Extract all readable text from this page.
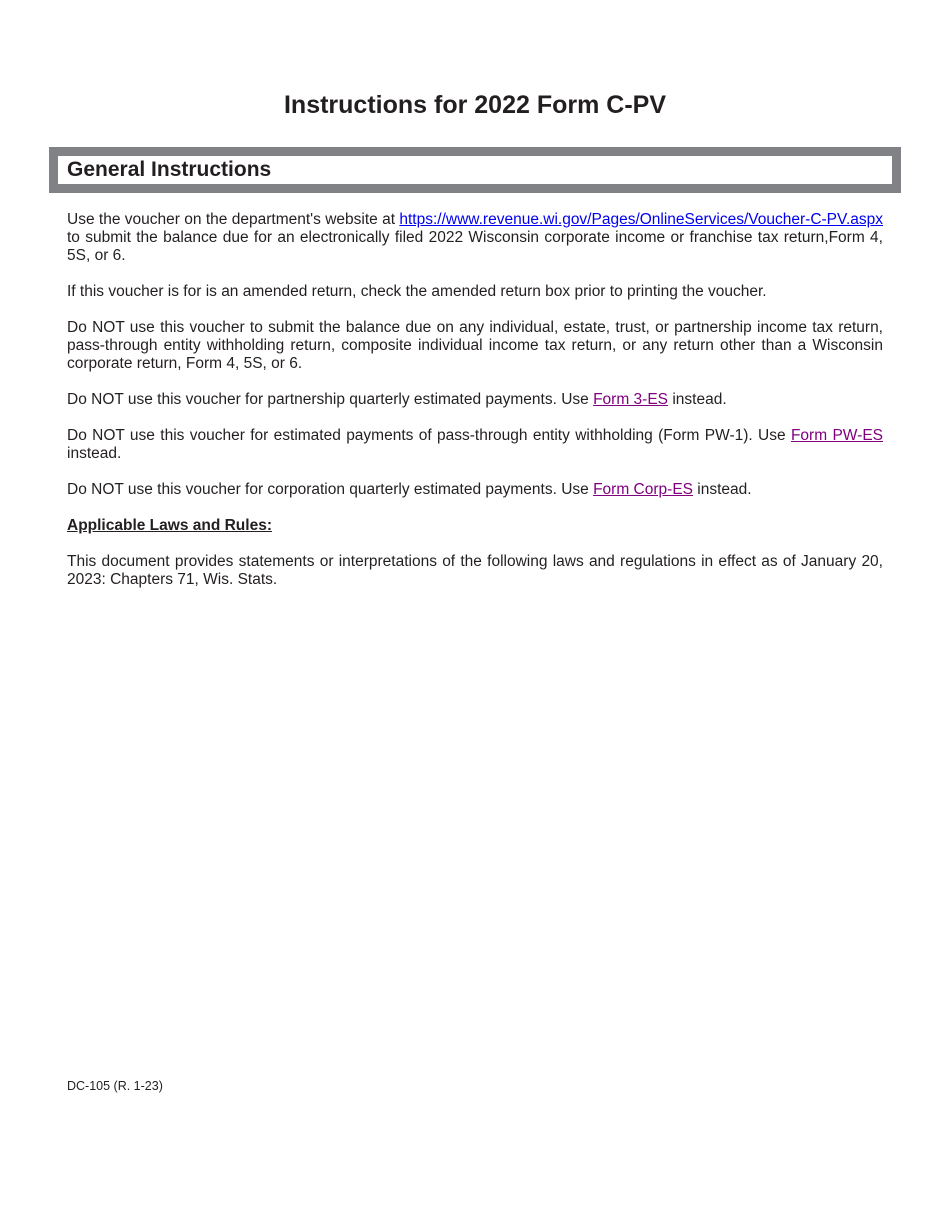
Instructions for 2022 Form C-PV
General Instructions

Use the voucher on the department's website at https://www.revenue.wi.gov/Pages/OnlineServices/Voucher-C-PV.aspx to submit the balance due for an electronically filed 2022 Wisconsin corporate income or franchise tax return,Form 4, 5S, or 6.

If this voucher is for is an amended return, check the amended return box prior to printing the voucher.

Do NOT use this voucher to submit the balance due on any individual, estate, trust, or partnership income tax return, pass-through entity withholding return, composite individual income tax return, or any return other than a Wisconsin corporate return, Form 4, 5S, or 6.

Do NOT use this voucher for partnership quarterly estimated payments. Use Form 3-ES instead.

Do NOT use this voucher for estimated payments of pass-through entity withholding (Form PW-1). Use Form PW-ES instead.

Do NOT use this voucher for corporation quarterly estimated payments. Use Form Corp-ES instead.

Applicable Laws and Rules:

This document provides statements or interpretations of the following laws and regulations in effect as of January 20, 2023: Chapters 71, Wis. Stats.

DC-105 (R. 1-23)
